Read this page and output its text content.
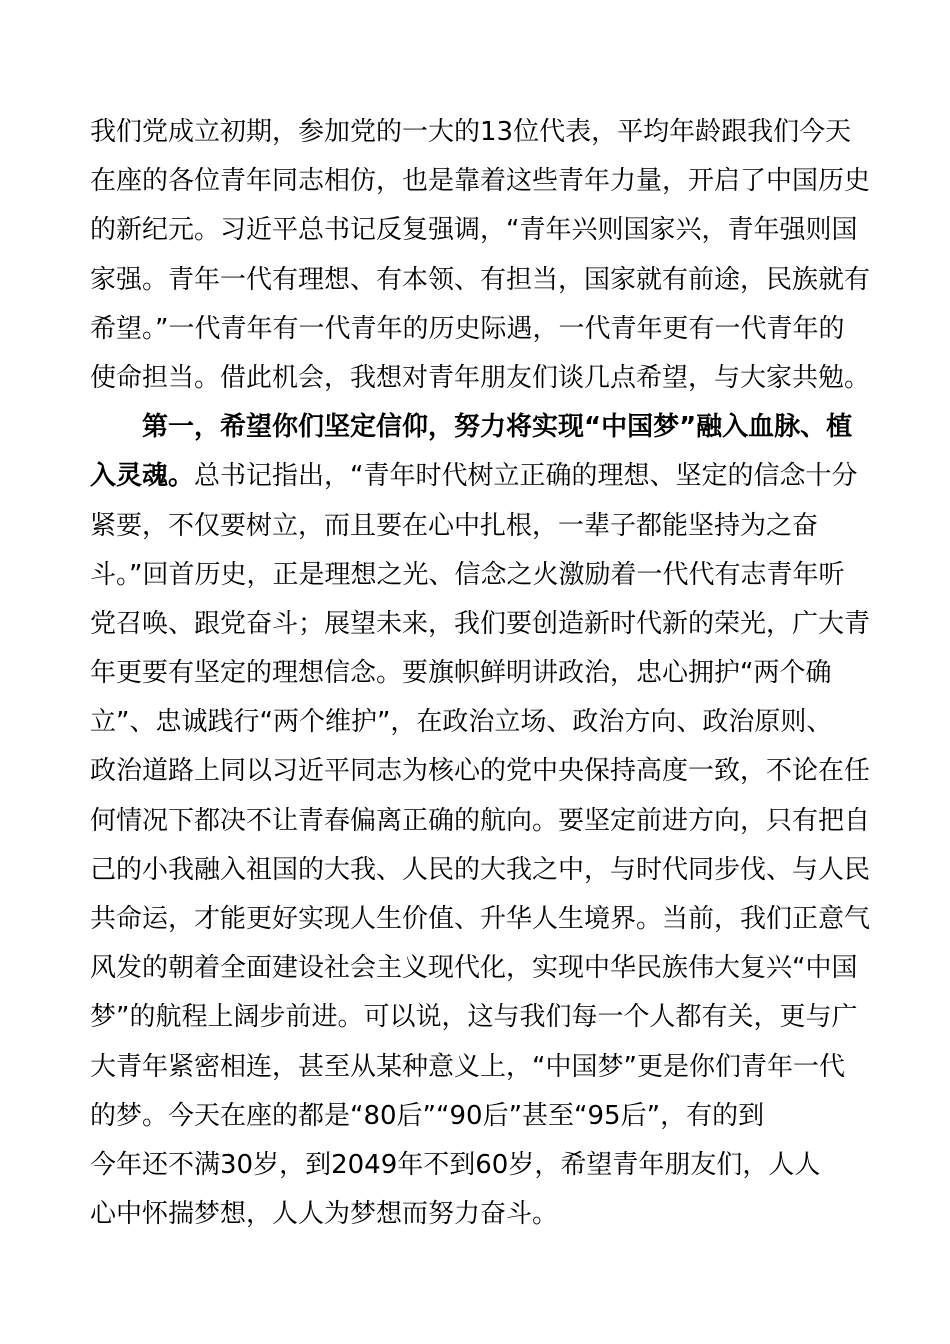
我们党成立初期，参加党的一大的13位代表，平均年龄跟我们今天
在座的各位青年同志相仿，也是靠着这些青年力量，开启了中国历史
的新纪元。习近平总书记反复强调，“青年兴则国家兴，青年强则国
家强。青年一代有理想、有本领、有担当，国家就有前途，民族就有
希望。”一代青年有一代青年的历史际遇，一代青年更有一代青年的
使命担当。借此机会，我想对青年朋友们谈几点希望，与大家共勉。
第一，希望你们坚定信仰，努力将实现“中国梦”融入血脉、植
入灵魂。总书记指出，“青年时代树立正确的理想、坚定的信念十分
紧要，不仅要树立，而且要在心中扎根，一辈子都能坚持为之奋
斗。”回首历史，正是理想之光、信念之火激励着一代代有志青年听
党召唤、跟党奋斗；展望未来，我们要创造新时代新的荣光，广大青
年更要有坚定的理想信念。要旗帜鲜明讲政治，忠心拥护“两个确
立”、忠诚践行“两个维护”，在政治立场、政治方向、政治原则、
政治道路上同以习近平同志为核心的党中央保持高度一致，不论在任
何情况下都决不让青春偏离正确的航向。要坚定前进方向，只有把自
己的小我融入祖国的大我、人民的大我之中，与时代同步伐、与人民
共命运，才能更好实现人生价值、升华人生境界。当前，我们正意气
风发的朝着全面建设社会主义现代化，实现中华民族伟大复兴“中国
梦”的航程上阔步前进。可以说，这与我们每一个人都有关，更与广
大青年紧密相连，甚至从某种意义上，“中国梦”更是你们青年一代
的梦。今天在座的都是“80后”“90后”甚至“95后”，有的到
今年还不满30岁，到2049年不到60岁，希望青年朋友们，人人
心中怀揣梦想，人人为梦想而努力奋斗。
